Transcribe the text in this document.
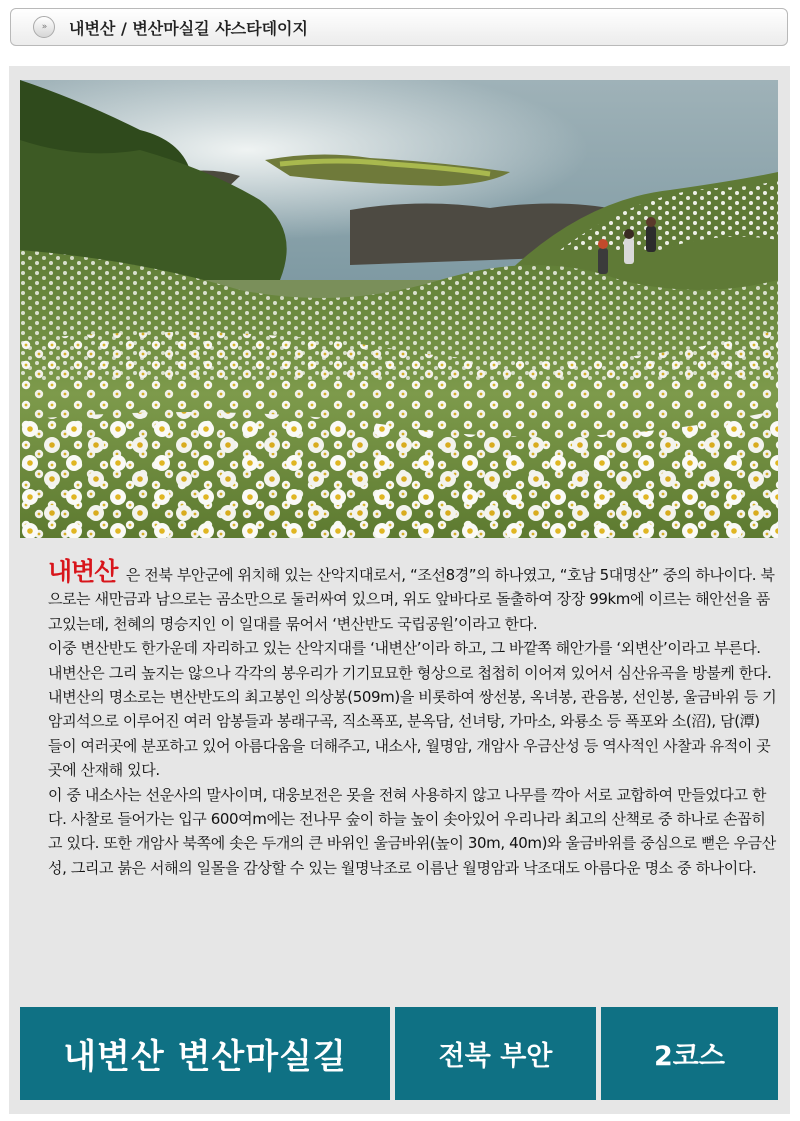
»	내변산 / 변산마실길 샤스타데이지

내변산 은 전북 부안군에 위치해 있는 산악지대로서, “조선8경”의 하나였고, “호남 5대명산” 중의 하나이다. 북으로는 새만금과 남으로는 곰소만으로 둘러싸여 있으며, 위도 앞바다로 돌출하여 장장 99km에 이르는 해안선을 품고있는데, 천혜의 명승지인 이 일대를 묶어서 ‘변산반도 국립공원’이라고 한다.

이중 변산반도 한가운데 자리하고 있는 산악지대를 ‘내변산’이라 하고, 그 바깥쪽 해안가를 ‘외변산’이라고 부른다. 내변산은 그리 높지는 않으나 각각의 봉우리가 기기묘묘한 형상으로 첩첩히 이어져 있어서 심산유곡을 방불케 한다.

내변산의 명소로는 변산반도의 최고봉인 의상봉(509m)을 비롯하여 쌍선봉, 옥녀봉, 관음봉, 선인봉, 울금바위 등 기암괴석으로 이루어진 여러 암봉들과 봉래구곡, 직소폭포, 분옥담, 선녀탕, 가마소, 와룡소 등 폭포와 소(沼), 담(潭) 들이 여러곳에 분포하고 있어 아름다움을 더해주고, 내소사, 월명암, 개암사 우금산성 등 역사적인 사찰과 유적이 곳곳에 산재해 있다.

이 중 내소사는 선운사의 말사이며, 대웅보전은 못을 전혀 사용하지 않고 나무를 깍아 서로 교합하여 만들었다고 한다. 사찰로 들어가는 입구 600여m에는 전나무 숲이 하늘 높이 솟아있어 우리나라 최고의 산책로 중 하나로 손꼽히고 있다. 또한 개암사 북쪽에 솟은 두개의 큰 바위인 울금바위(높이 30m, 40m)와 울금바위를 중심으로 뻗은 우금산성, 그리고 붉은 서해의 일몰을 감상할 수 있는 월명낙조로 이름난 월명암과 낙조대도 아름다운 명소 중 하나이다.

내변산 변산마실길	전북 부안	2코스
